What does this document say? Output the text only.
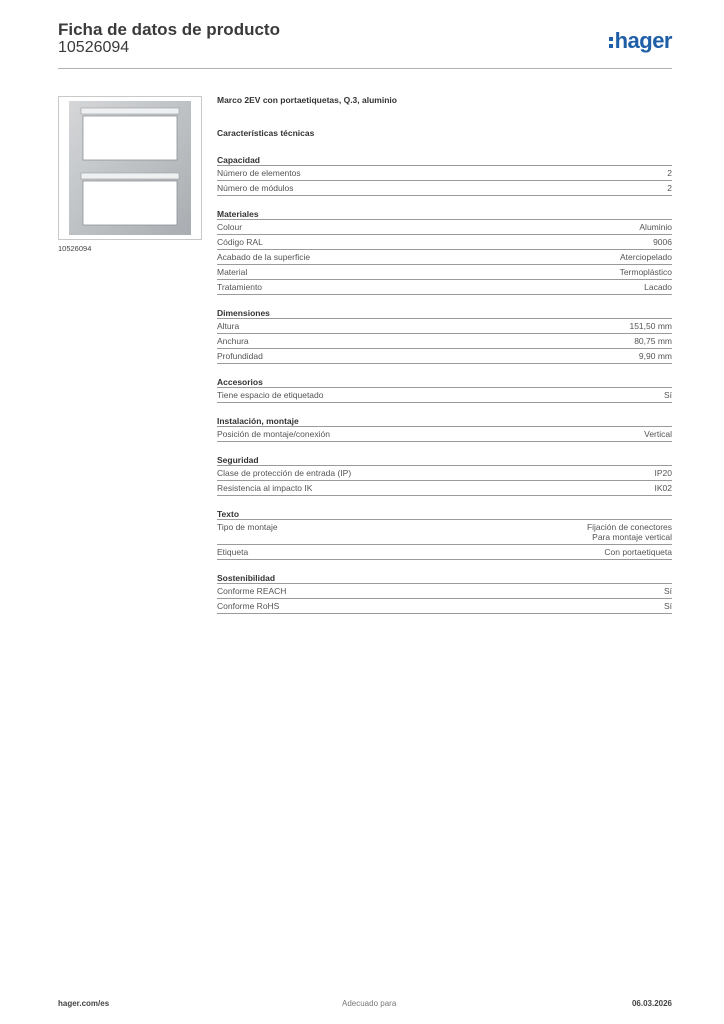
Ficha de datos de producto
10526094	hager
10526094
Marco 2EV con portaetiquetas, Q.3, aluminio
Características técnicas
Capacidad
Número de elementos	2
Número de módulos	2
Materiales
Colour	Aluminio
Código RAL	9006
Acabado de la superficie	Aterciopelado
Material	Termoplástico
Tratamiento	Lacado
Dimensiones
Altura	151,50 mm
Anchura	80,75 mm
Profundidad	9,90 mm
Accesorios
Tiene espacio de etiquetado	Sí
Instalación, montaje
Posición de montaje/conexión	Vertical
Seguridad
Clase de protección de entrada (IP)	IP20
Resistencia al impacto IK	IK02
Texto
Tipo de montaje	Fijación de conectores
Para montaje vertical
Etiqueta	Con portaetiqueta
Sostenibilidad
Conforme REACH	Sí
Conforme RoHS	Sí
hager.com/es	Adecuado para	06.03.2026
